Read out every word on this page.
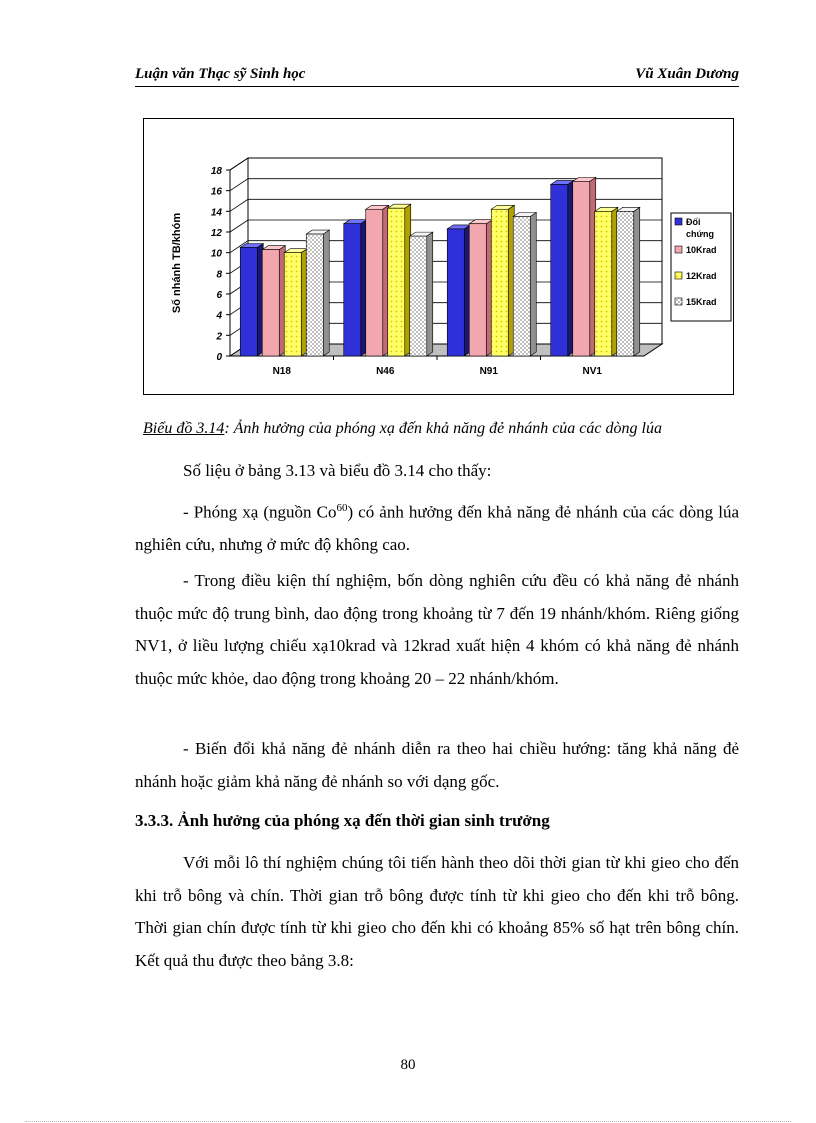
Luận văn Thạc sỹ Sinh học	Vũ Xuân Dương
0
2
4
6
8
10
12
14
16
18
Số nhánh TB/khóm
N18	N46	N91	NV1
Đối
chứng
10Krad
12Krad
15Krad
Biểu đồ 3.14: Ảnh hưởng của phóng xạ đến khả năng đẻ nhánh của các dòng lúa
Số liệu ở bảng 3.13 và biểu đồ 3.14 cho thấy:
- Phóng xạ (nguồn Co$^{60}$) có ảnh hưởng đến khả năng đẻ nhánh của các dòng lúa nghiên cứu, nhưng ở mức độ không cao.
- Trong điều kiện thí nghiệm, bốn dòng nghiên cứu đều có khả năng đẻ nhánh thuộc mức độ trung bình, dao động trong khoảng từ 7 đến 19 nhánh/khóm. Riêng giống NV1, ở liều lượng chiếu xạ10krad và 12krad xuất hiện 4 khóm có khả năng đẻ nhánh thuộc mức khỏe, dao động trong khoảng 20 – 22 nhánh/khóm.
- Biến đổi khả năng đẻ nhánh diễn ra theo hai chiều hướng: tăng khả năng đẻ nhánh hoặc giảm khả năng đẻ nhánh so với dạng gốc.
3.3.3. Ảnh hưởng của phóng xạ đến thời gian sinh trưởng
Với mỗi lô thí nghiệm chúng tôi tiến hành theo dõi thời gian từ khi gieo cho đến khi trỗ bông và chín. Thời gian trỗ bông được tính từ khi gieo cho đến khi trỗ bông. Thời gian chín được tính từ khi gieo cho đến khi có khoảng 85% số hạt trên bông chín. Kết quả thu được theo bảng 3.8:
80
